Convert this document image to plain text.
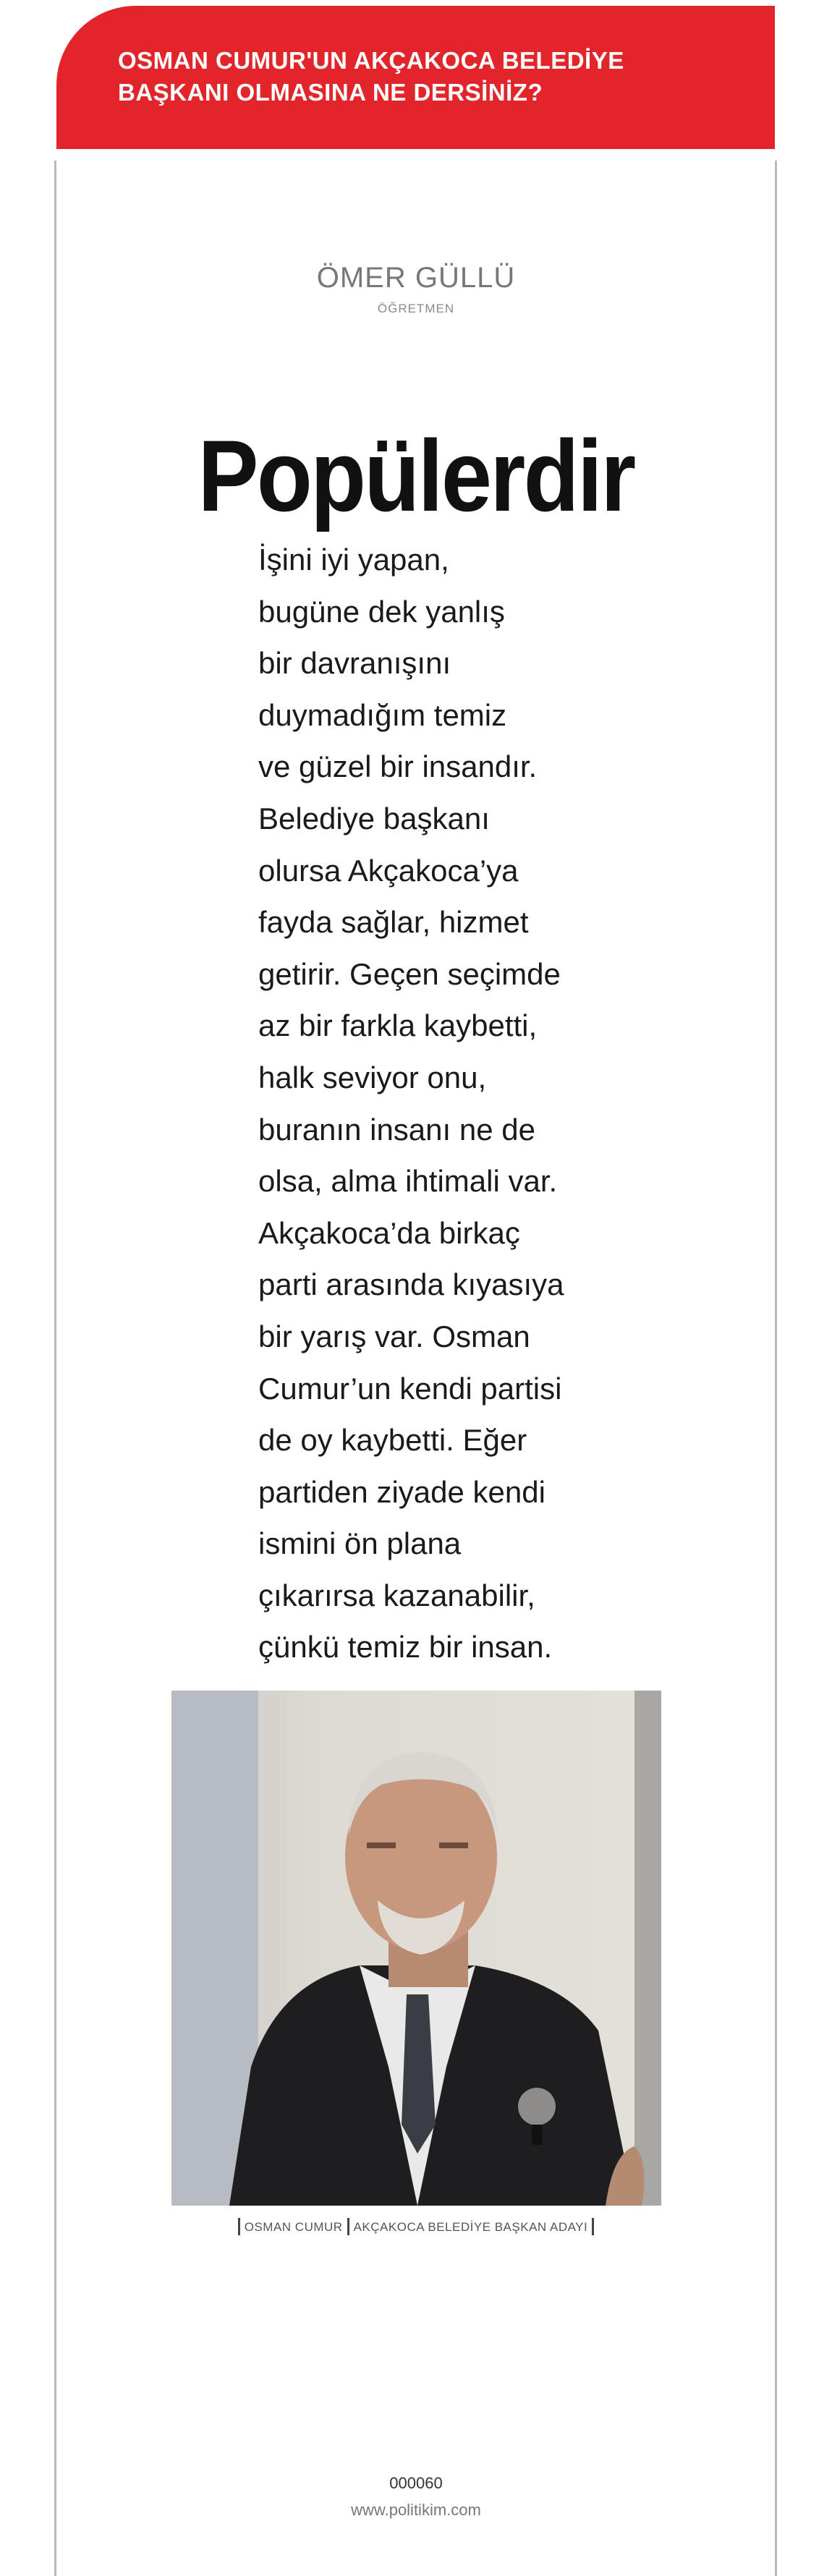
OSMAN CUMUR'UN AKÇAKOCA BELEDİYE
BAŞKANI OLMASINA NE DERSİNİZ?
ÖMER GÜLLÜ
ÖĞRETMEN
Popülerdir
İşini iyi yapan,
bugüne dek yanlış
bir davranışını
duymadığım temiz
ve güzel bir insandır.
Belediye başkanı
olursa Akçakoca’ya
fayda sağlar, hizmet
getirir. Geçen seçimde
az bir farkla kaybetti,
halk seviyor onu,
buranın insanı ne de
olsa, alma ihtimali var.
Akçakoca’da birkaç
parti arasında kıyasıya
bir yarış var. Osman
Cumur’un kendi partisi
de oy kaybetti. Eğer
partiden ziyade kendi
ismini ön plana
çıkarırsa kazanabilir,
çünkü temiz bir insan.
OSMAN CUMUR AKÇAKOCA BELEDİYE BAŞKAN ADAYI
000060
www.politikim.com
